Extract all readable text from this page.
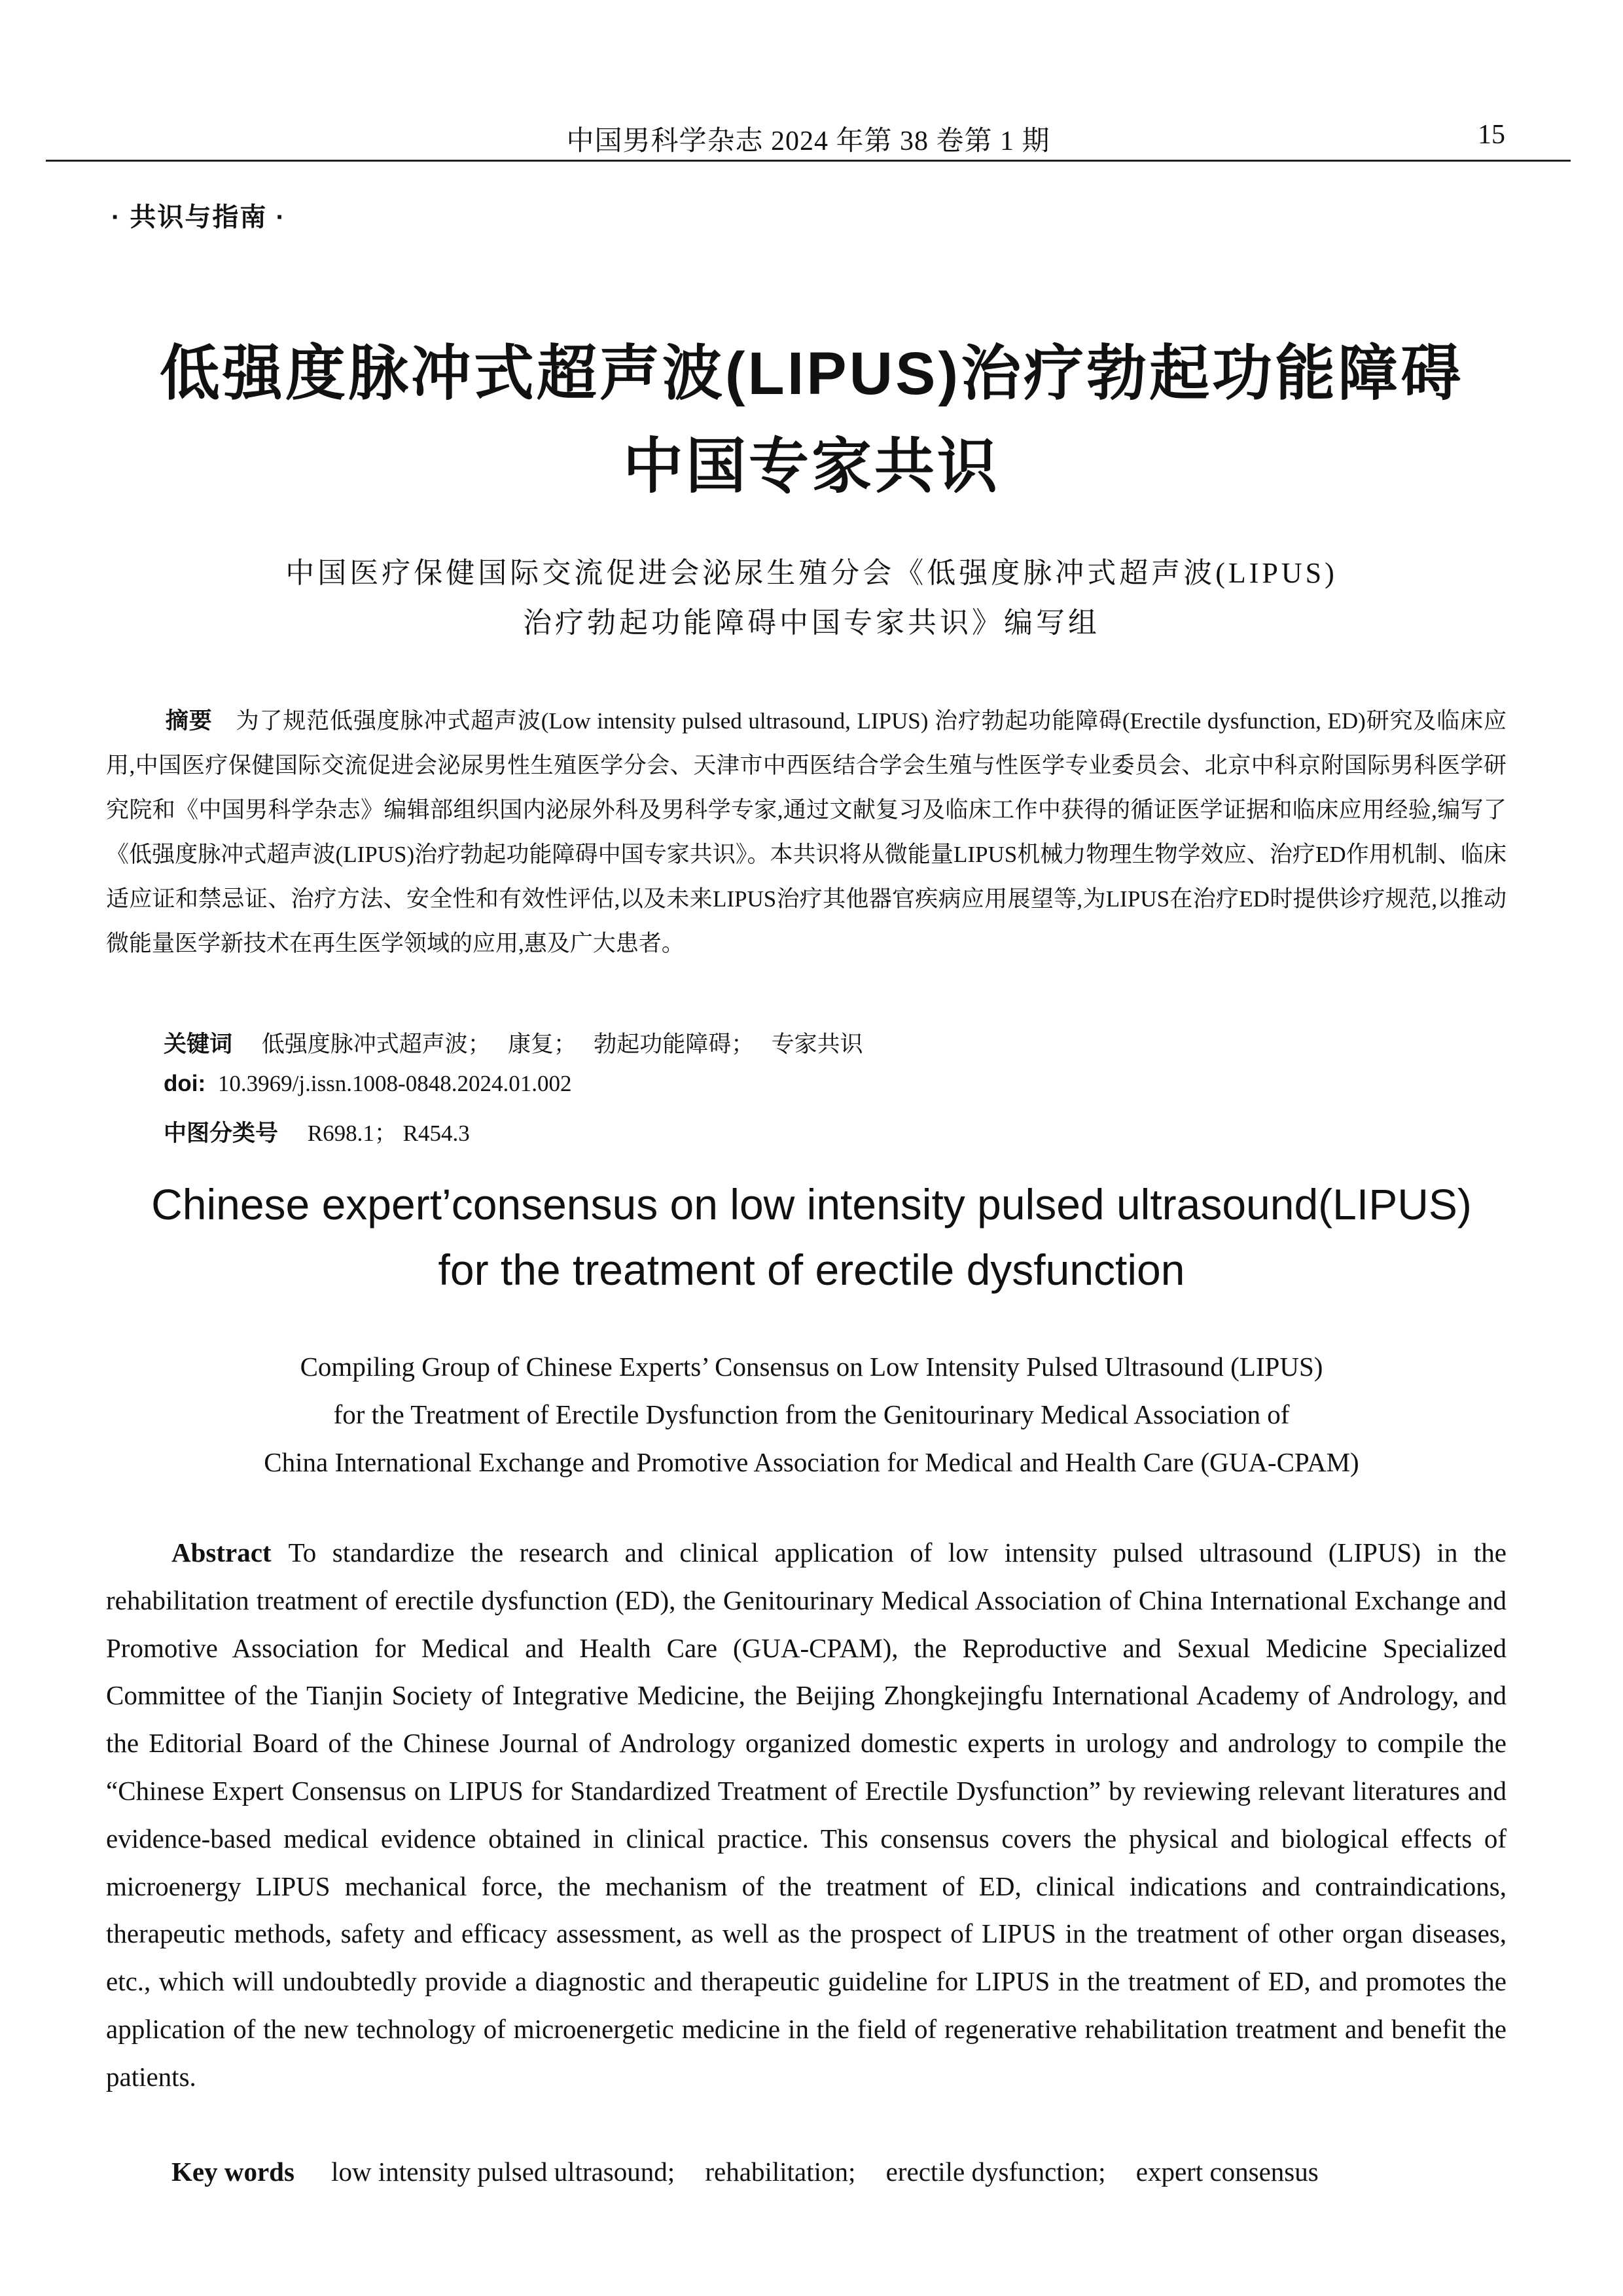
中国男科学杂志 2024 年第 38 卷第 1 期	15
· 共识与指南 ·
低强度脉冲式超声波(LIPUS)治疗勃起功能障碍
中国专家共识
中国医疗保健国际交流促进会泌尿生殖分会《低强度脉冲式超声波(LIPUS)
治疗勃起功能障碍中国专家共识》编写组
摘要 为了规范低强度脉冲式超声波(Low intensity pulsed ultrasound, LIPUS) 治疗勃起功能障碍(Erectile dysfunction, ED)研究及临床应用,中国医疗保健国际交流促进会泌尿男性生殖医学分会、天津市中西医结合学会生殖与性医学专业委员会、北京中科京附国际男科医学研究院和《中国男科学杂志》编辑部组织国内泌尿外科及男科学专家,通过文献复习及临床工作中获得的循证医学证据和临床应用经验,编写了《低强度脉冲式超声波(LIPUS)治疗勃起功能障碍中国专家共识》。本共识将从微能量LIPUS机械力物理生物学效应、治疗ED作用机制、临床适应证和禁忌证、治疗方法、安全性和有效性评估,以及未来LIPUS治疗其他器官疾病应用展望等,为LIPUS在治疗ED时提供诊疗规范,以推动微能量医学新技术在再生医学领域的应用,惠及广大患者。
关键词 低强度脉冲式超声波； 康复； 勃起功能障碍； 专家共识
doi: 10.3969/j.issn.1008-0848.2024.01.002
中图分类号 R698.1； R454.3
Chinese expert’consensus on low intensity pulsed ultrasound(LIPUS)
for the treatment of erectile dysfunction
Compiling Group of Chinese Experts’ Consensus on Low Intensity Pulsed Ultrasound (LIPUS)
for the Treatment of Erectile Dysfunction from the Genitourinary Medical Association of
China International Exchange and Promotive Association for Medical and Health Care (GUA-CPAM)
Abstract To standardize the research and clinical application of low intensity pulsed ultrasound (LIPUS) in the rehabilitation treatment of erectile dysfunction (ED), the Genitourinary Medical Association of China International Exchange and Promotive Association for Medical and Health Care (GUA-CPAM), the Reproductive and Sexual Medicine Specialized Committee of the Tianjin Society of Integrative Medicine, the Beijing Zhongkejingfu International Academy of Andrology, and the Editorial Board of the Chinese Journal of Andrology organized domestic experts in urology and andrology to compile the “Chinese Expert Consensus on LIPUS for Standardized Treatment of Erectile Dysfunction” by reviewing relevant literatures and evidence-based medical evidence obtained in clinical practice. This consensus covers the physical and biological effects of microenergy LIPUS mechanical force, the mechanism of the treatment of ED, clinical indications and contraindications, therapeutic methods, safety and efficacy assessment, as well as the prospect of LIPUS in the treatment of other organ diseases, etc., which will undoubtedly provide a diagnostic and therapeutic guideline for LIPUS in the treatment of ED, and promotes the application of the new technology of microenergetic medicine in the field of regenerative rehabilitation treatment and benefit the patients.
Key words low intensity pulsed ultrasound; rehabilitation; erectile dysfunction; expert consensus
